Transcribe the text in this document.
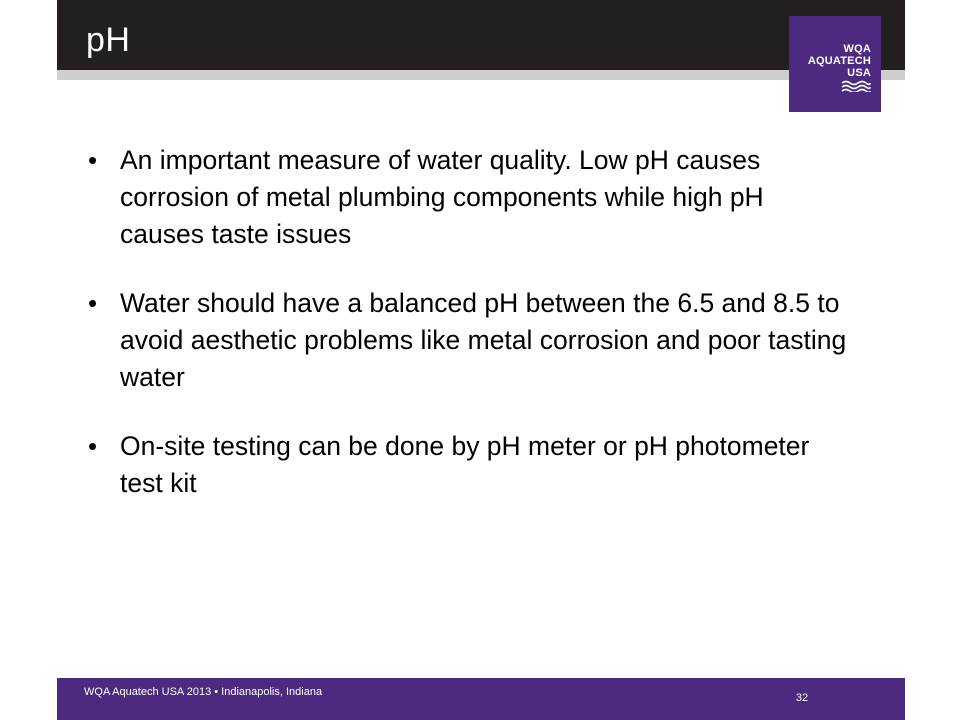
pH	WQA
AQUATECH
USA
• An important measure of water quality. Low pH causes corrosion of metal plumbing components while high pH causes taste issues
• Water should have a balanced pH between the 6.5 and 8.5 to avoid aesthetic problems like metal corrosion and poor tasting water
• On-site testing can be done by pH meter or pH photometer test kit
WQA Aquatech USA 2013 • Indianapolis, Indiana	32
